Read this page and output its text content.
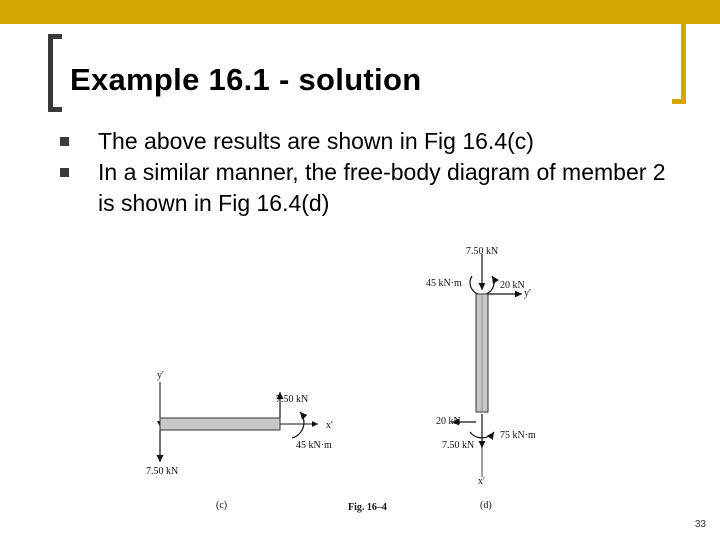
Example 16.1 - solution
The above results are shown in Fig 16.4(c)
In a similar manner, the free-body diagram of member 2 is shown in Fig 16.4(d)
y'
x'
7.50 kN
45 kN·m
7.50 kN
(c)	Fig. 16–4
7.50 kN
45 kN·m	20 kN
y'
20 kN
75 kN·m
7.50 kN
x'
(d)
33
